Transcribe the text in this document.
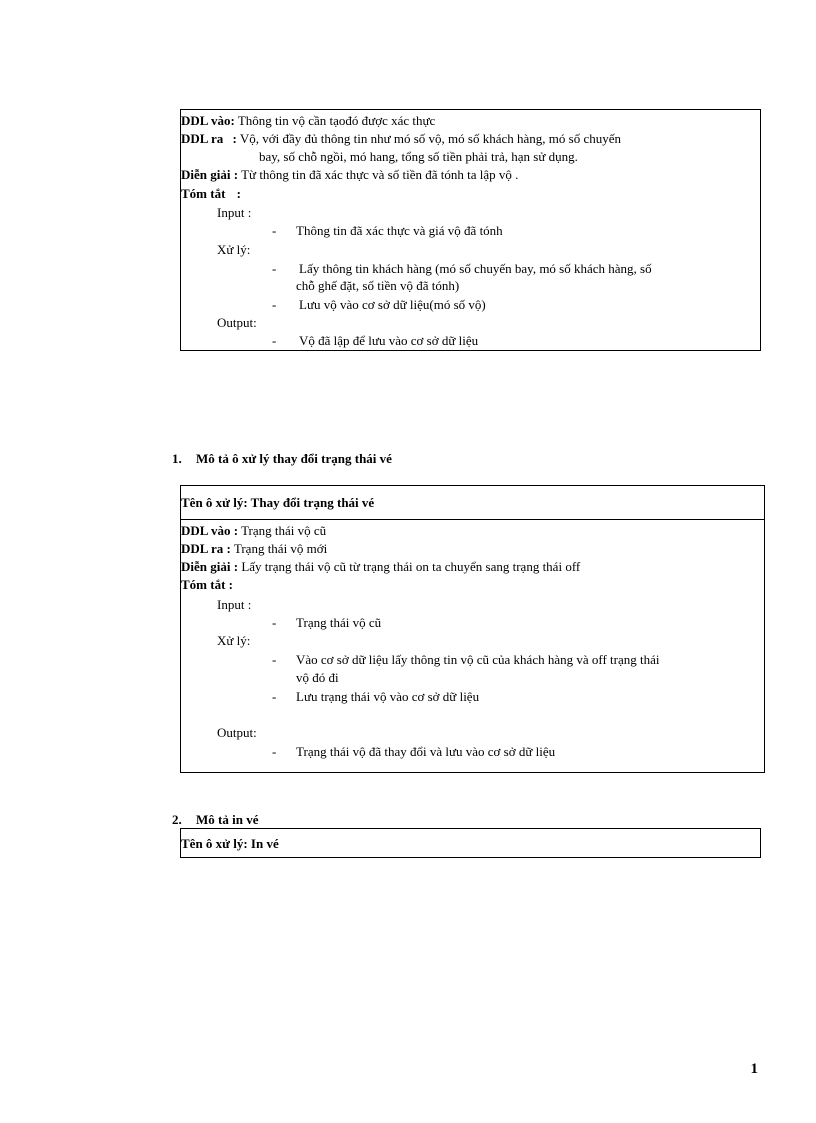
DDL vào: Thông tin vộ cần tạođó được xác thực
DDL ra : Vộ, với đầy đủ thông tin như mó số vộ, mó số khách hàng, mó số chuyến
bay, số chỗ ngồi, mó hang, tổng số tiền phải trả, hạn sử dụng.
Diễn giải : Từ thông tin đã xác thực và số tiền đã tónh ta lập vộ .
Tóm tắt :
Input :
- Thông tin đã xác thực và giá vộ đã tónh
Xử lý:
- Lấy thông tin khách hàng (mó số chuyến bay, mó số khách hàng, số
chỗ ghế đặt, số tiền vộ đã tónh)
- Lưu vộ vào cơ sở dữ liệu(mó số vộ)
Output:
- Vộ đã lập để lưu vào cơ sở dữ liệu
1. Mô tả ô xử lý thay đổi trạng thái vé
Tên ô xử lý: Thay đổi trạng thái vé
DDL vào : Trạng thái vộ cũ
DDL ra : Trạng thái vộ mới
Diễn giải : Lấy trạng thái vộ cũ từ trạng thái on ta chuyển sang trạng thái off
Tóm tắt :
Input :
- Trạng thái vộ cũ
Xử lý:
- Vào cơ sở dữ liệu lấy thông tin vộ cũ của khách hàng và off trạng thái
vộ đó đi
- Lưu trạng thái vộ vào cơ sở dữ liệu
Output:
- Trạng thái vộ đã thay đổi và lưu vào cơ sở dữ liệu
2. Mô tả in vé
Tên ô xử lý: In vé
1
